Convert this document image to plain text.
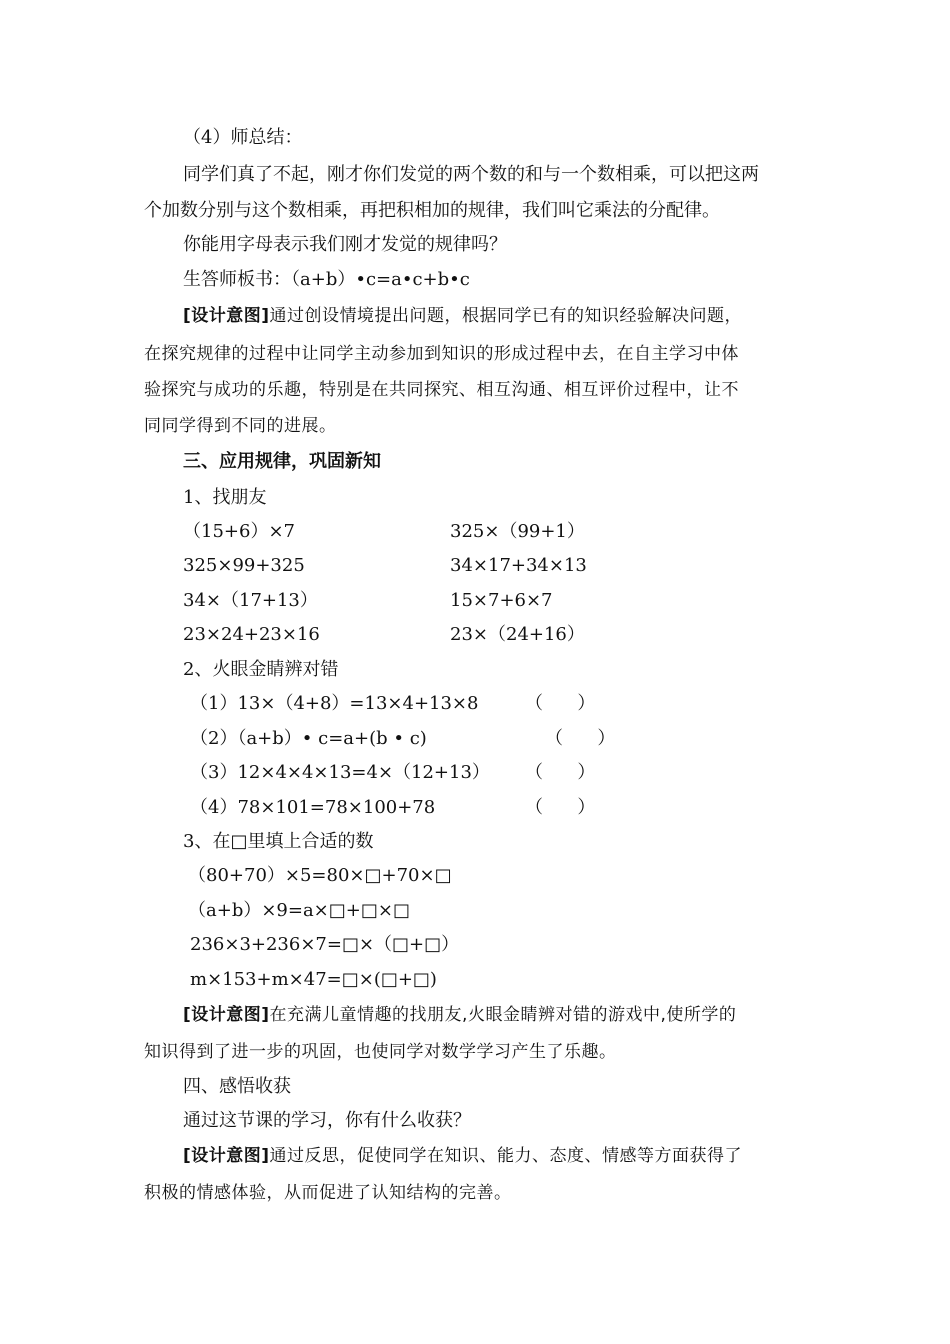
（4）师总结：
同学们真了不起，刚才你们发觉的两个数的和与一个数相乘，可以把这两
个加数分别与这个数相乘，再把积相加的规律，我们叫它乘法的分配律。
你能用字母表示我们刚才发觉的规律吗？
生答师板书：（a+b）•c=a•c+b•c
[设计意图]通过创设情境提出问题，根据同学已有的知识经验解决问题，
在探究规律的过程中让同学主动参加到知识的形成过程中去，在自主学习中体
验探究与成功的乐趣，特别是在共同探究、相互沟通、相互评价过程中，让不
同同学得到不同的进展。
三、应用规律，巩固新知
1、找朋友
（15+6）×7	325×（99+1）
325×99+325	34×17+34×13
34×（17+13）	15×7+6×7
23×24+23×16	23×（24+16）
2、火眼金睛辨对错
（1）13×（4+8）=13×4+13×8	（      ）
（2）（a+b）• c=a+(b • c)	（      ）
（3）12×4×4×13=4×（12+13） （      ）
（4）78×101=78×100+78	（      ）
3、在□里填上合适的数
（80+70）×5=80×□+70×□
（a+b）×9=a×□+□×□
236×3+236×7=□×（□+□）
m×153+m×47=□×(□+□)
[设计意图]在充满儿童情趣的找朋友,火眼金睛辨对错的游戏中,使所学的
知识得到了进一步的巩固，也使同学对数学学习产生了乐趣。
四、感悟收获
通过这节课的学习，你有什么收获？
[设计意图]通过反思，促使同学在知识、能力、态度、情感等方面获得了
积极的情感体验，从而促进了认知结构的完善。
